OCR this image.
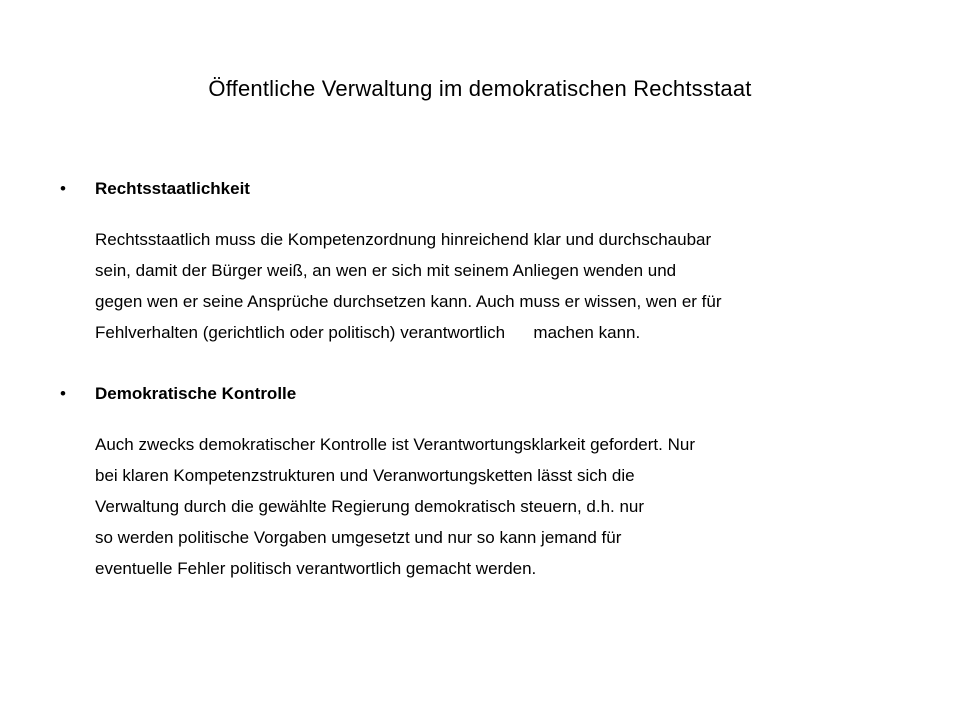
Öffentliche Verwaltung im demokratischen Rechtsstaat
• Rechtsstaatlichkeit
Rechtsstaatlich muss die Kompetenzordnung hinreichend klar und durchschaubar
sein, damit der Bürger weiß, an wen er sich mit seinem Anliegen wenden und
gegen wen er seine Ansprüche durchsetzen kann. Auch muss er wissen, wen er für
Fehlverhalten (gerichtlich oder politisch) verantwortlich      machen kann.
• Demokratische Kontrolle
Auch zwecks demokratischer Kontrolle ist Verantwortungsklarkeit gefordert. Nur
bei klaren Kompetenzstrukturen und Veranwortungsketten lässt sich die
Verwaltung durch die gewählte Regierung demokratisch steuern, d.h. nur
so werden politische Vorgaben umgesetzt und nur so kann jemand für
eventuelle Fehler politisch verantwortlich gemacht werden.
